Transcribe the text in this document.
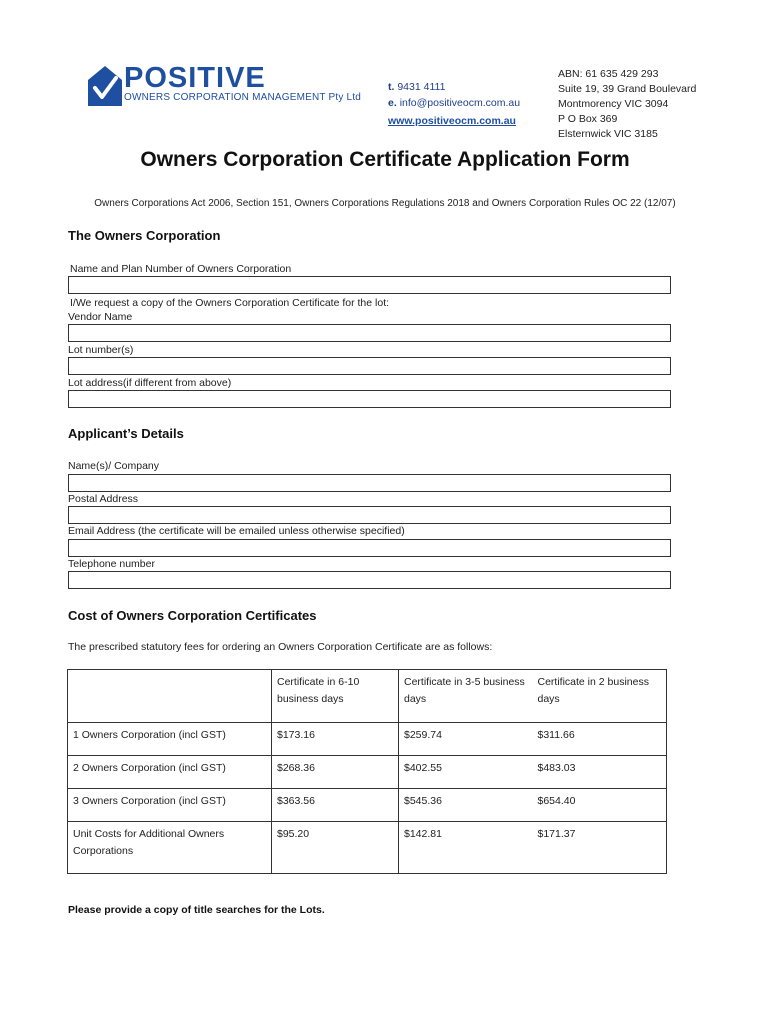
POSITIVE
OWNERS CORPORATION MANAGEMENT Pty Ltd
t. 9431 4111
e. info@positiveocm.com.au
www.positiveocm.com.au
ABN: 61 635 429 293
Suite 19, 39 Grand Boulevard
Montmorency VIC 3094
P O Box 369
Elsternwick VIC 3185
Owners Corporation Certificate Application Form
Owners Corporations Act 2006, Section 151, Owners Corporations Regulations 2018 and Owners Corporation Rules OC 22 (12/07)
The Owners Corporation
Name and Plan Number of Owners Corporation
I/We request a copy of the Owners Corporation Certificate for the lot:
Vendor Name
Lot number(s)
Lot address(if different from above)
Applicant’s Details
Name(s)/ Company
Postal Address
Email Address (the certificate will be emailed unless otherwise specified)
Telephone number
Cost of Owners Corporation Certificates
The prescribed statutory fees for ordering an Owners Corporation Certificate are as follows:
	Certificate in 6-10 business days	Certificate in 3-5 business days	Certificate in 2 business days
1 Owners Corporation (incl GST)	$173.16	$259.74	$311.66
2 Owners Corporation (incl GST)	$268.36	$402.55	$483.03
3 Owners Corporation (incl GST)	$363.56	$545.36	$654.40
Unit Costs for Additional Owners Corporations	$95.20	$142.81	$171.37
Please provide a copy of title searches for the Lots.
